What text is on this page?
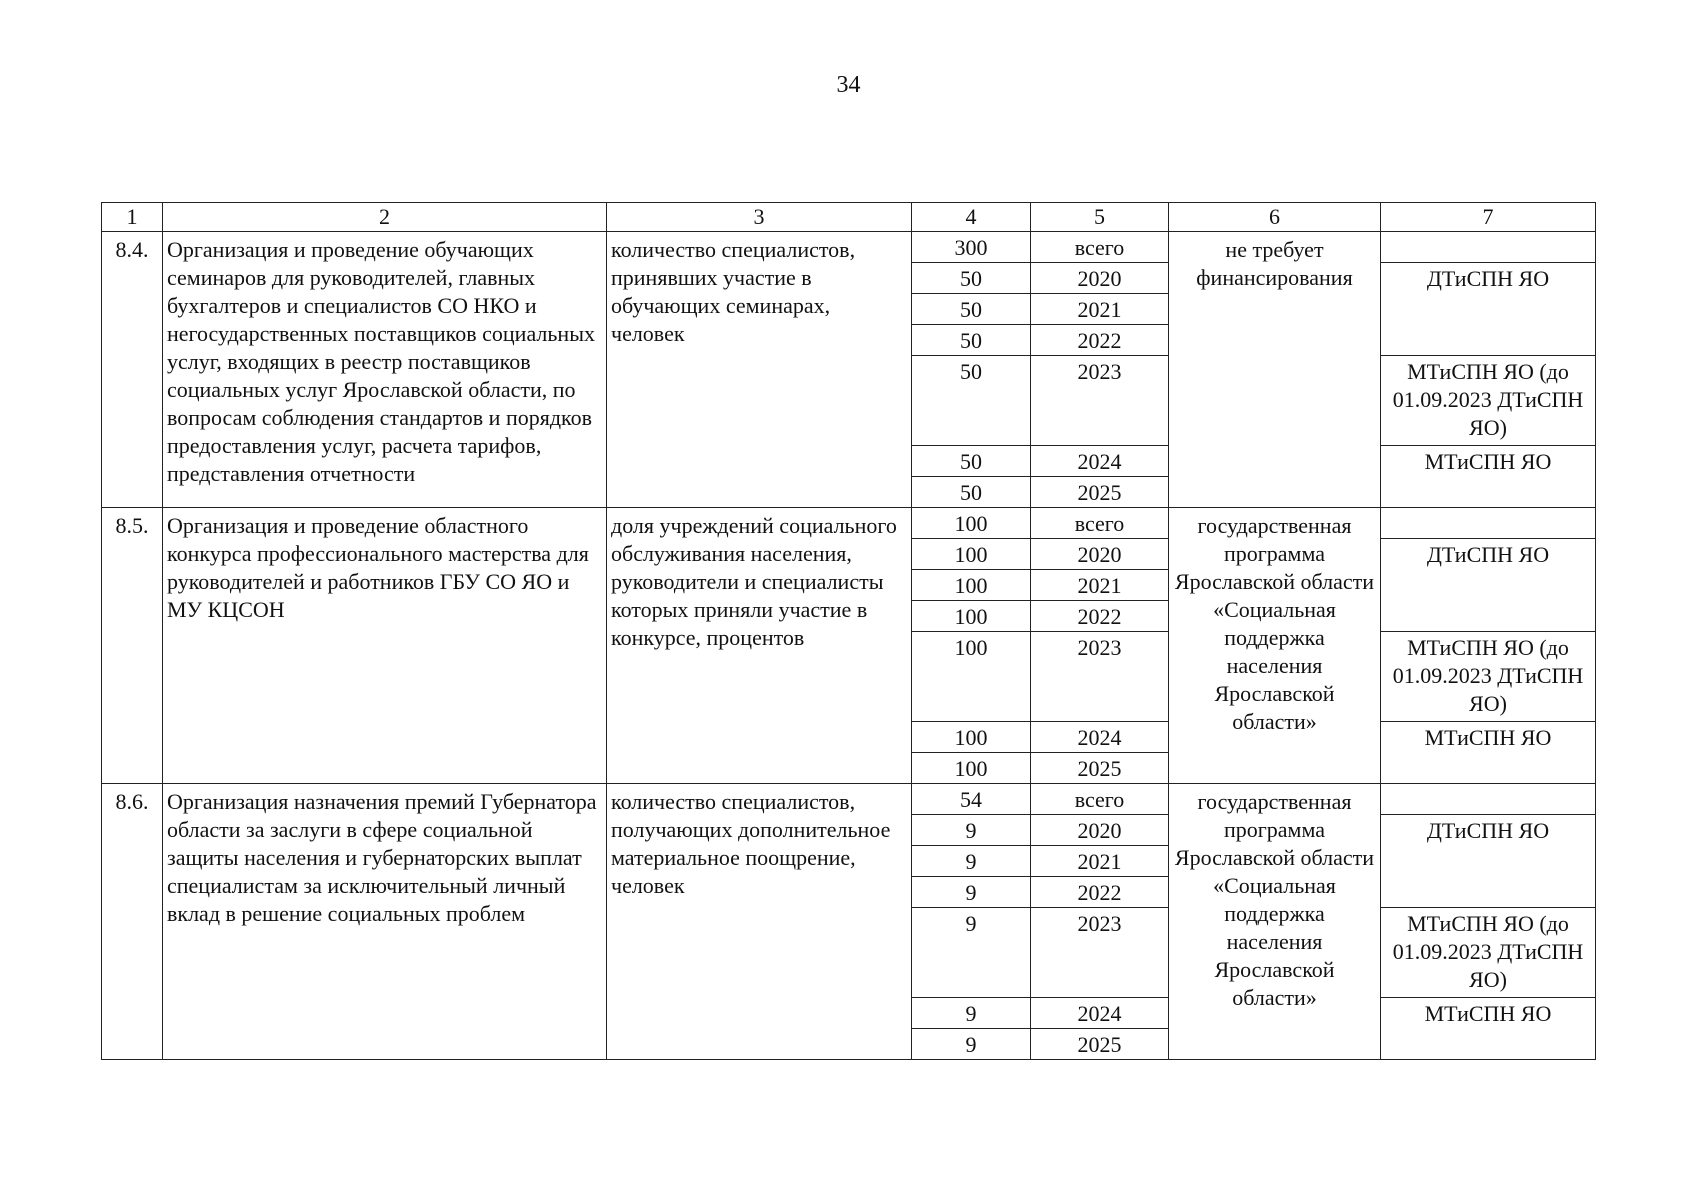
34
1	2	3	4	5	6	7
8.4.	Организация и проведение обучающих семинаров для руководителей, главных бухгалтеров и специалистов СО НКО и негосударственных поставщиков социальных услуг, входящих в реестр поставщиков социальных услуг Ярославской области, по вопросам соблюдения стандартов и порядков предоставления услуг, расчета тарифов, представления отчетности	количество специалистов, принявших участие в обучающих семинарах, человек	300	всего	не требует финансирования	
			50	2020		ДТиСПН ЯО
			50	2021		
			50	2022		
			50	2023		МТиСПН ЯО (до 01.09.2023 ДТиСПН ЯО)
			50	2024		МТиСПН ЯО
			50	2025		
8.5.	Организация и проведение областного конкурса профессионального мастерства для руководителей и работников ГБУ СО ЯО и МУ КЦСОН	доля учреждений социального обслуживания населения, руководители и специалисты которых приняли участие в конкурсе, процентов	100	всего	государственная программа Ярославской области «Социальная поддержка населения Ярославской области»	
			100	2020		ДТиСПН ЯО
			100	2021		
			100	2022		
			100	2023		МТиСПН ЯО (до 01.09.2023 ДТиСПН ЯО)
			100	2024		МТиСПН ЯО
			100	2025		
8.6.	Организация назначения премий Губернатора области за заслуги в сфере социальной защиты населения и губернаторских выплат специалистам за исключительный личный вклад в решение социальных проблем	количество специалистов, получающих дополнительное материальное поощрение, человек	54	всего	государственная программа Ярославской области «Социальная поддержка населения Ярославской области»	
			9	2020		ДТиСПН ЯО
			9	2021		
			9	2022		
			9	2023		МТиСПН ЯО (до 01.09.2023 ДТиСПН ЯО)
			9	2024		МТиСПН ЯО
			9	2025		
